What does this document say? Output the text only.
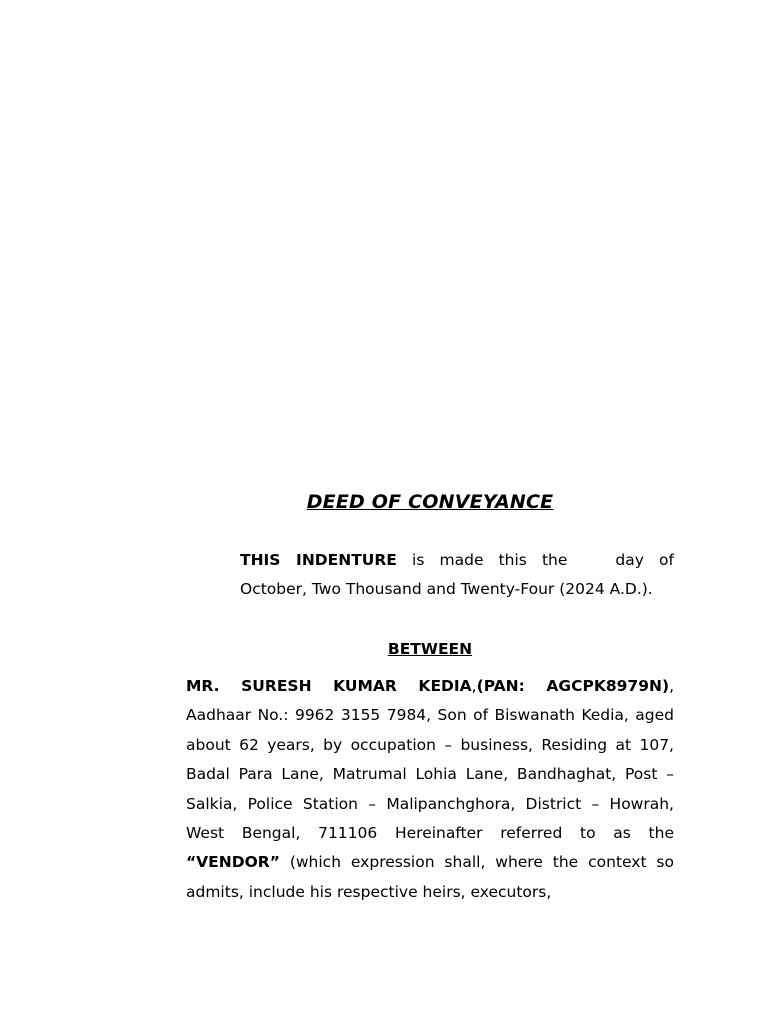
DEED OF CONVEYANCE
THIS INDENTURE is made this the	day of October, Two Thousand and Twenty-Four (2024 A.D.).
BETWEEN
MR. SURESH KUMAR KEDIA,(PAN: AGCPK8979N), Aadhaar No.: 9962 3155 7984, Son of Biswanath Kedia, aged about 62 years, by occupation – business, Residing at 107, Badal Para Lane, Matrumal Lohia Lane, Bandhaghat, Post – Salkia, Police Station – Malipanchghora, District – Howrah, West Bengal, 711106 Hereinafter referred to as the “VENDOR” (which expression shall, where the context so admits, include his respective heirs, executors,
